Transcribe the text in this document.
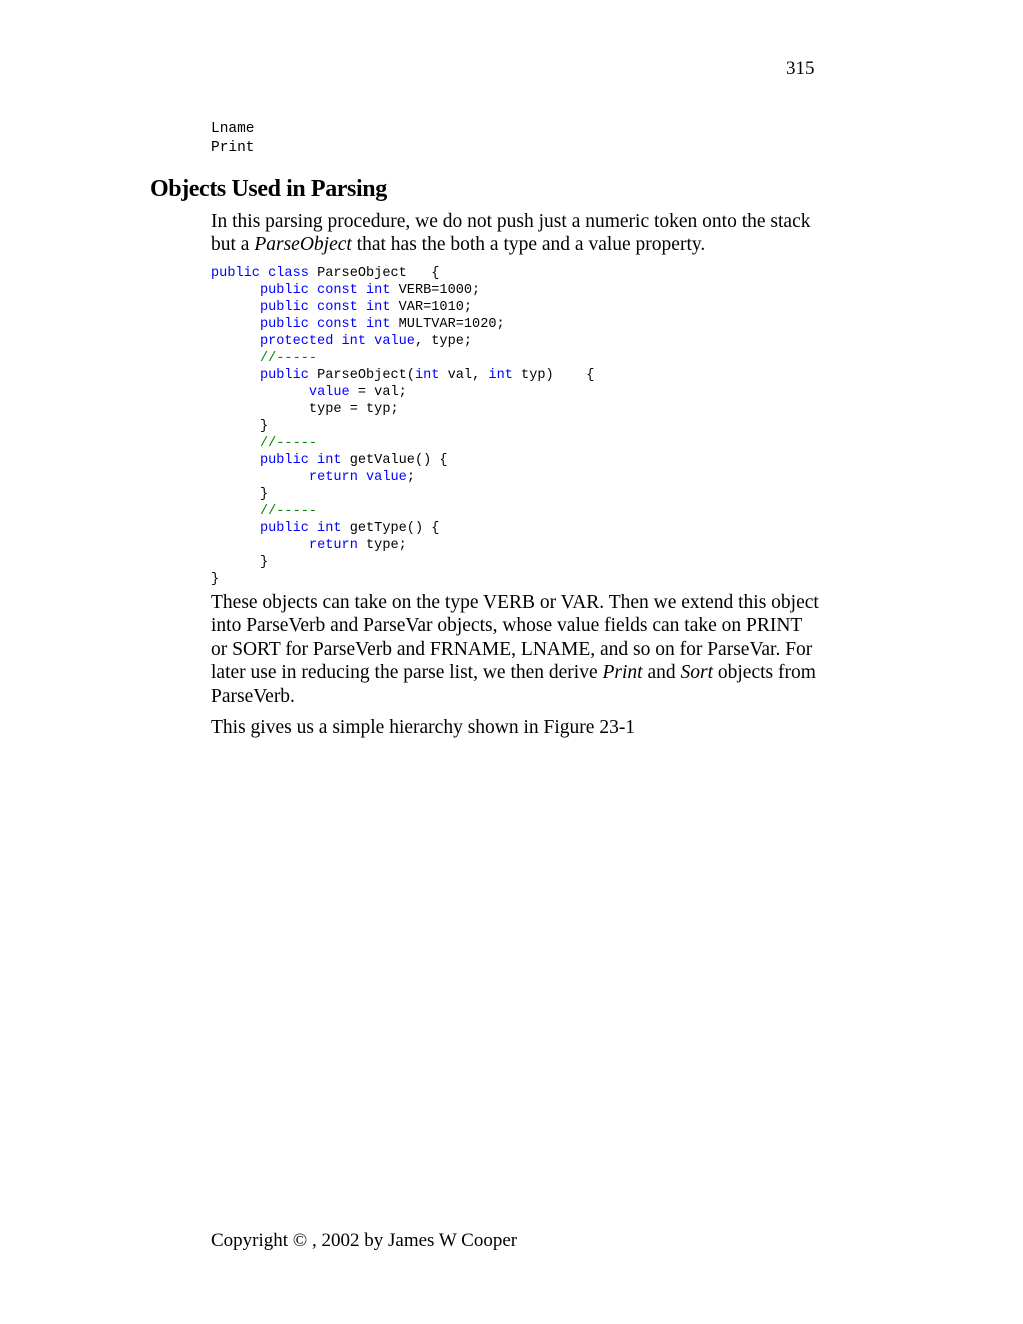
315
Lname
Print
Objects Used in Parsing

In this parsing procedure, we do not push just a numeric token onto the stack but a ParseObject that has the both a type and a value property.

public class ParseObject   {
public const int VERB=1000;
public const int VAR=1010;
public const int MULTVAR=1020;
protected int value, type;
//-----
public ParseObject(int val, int typ)    {
value = val;
type = typ;
}
//-----
public int getValue() {
return value;
}
//-----
public int getType() {
return type;
}
}

These objects can take on the type VERB or VAR. Then we extend this object into ParseVerb and ParseVar objects, whose value fields can take on PRINT or SORT for ParseVerb and FRNAME, LNAME, and so on for ParseVar. For later use in reducing the parse list, we then derive Print and Sort objects from ParseVerb.

This gives us a simple hierarchy shown in Figure 23-1

Copyright © , 2002 by James W Cooper
